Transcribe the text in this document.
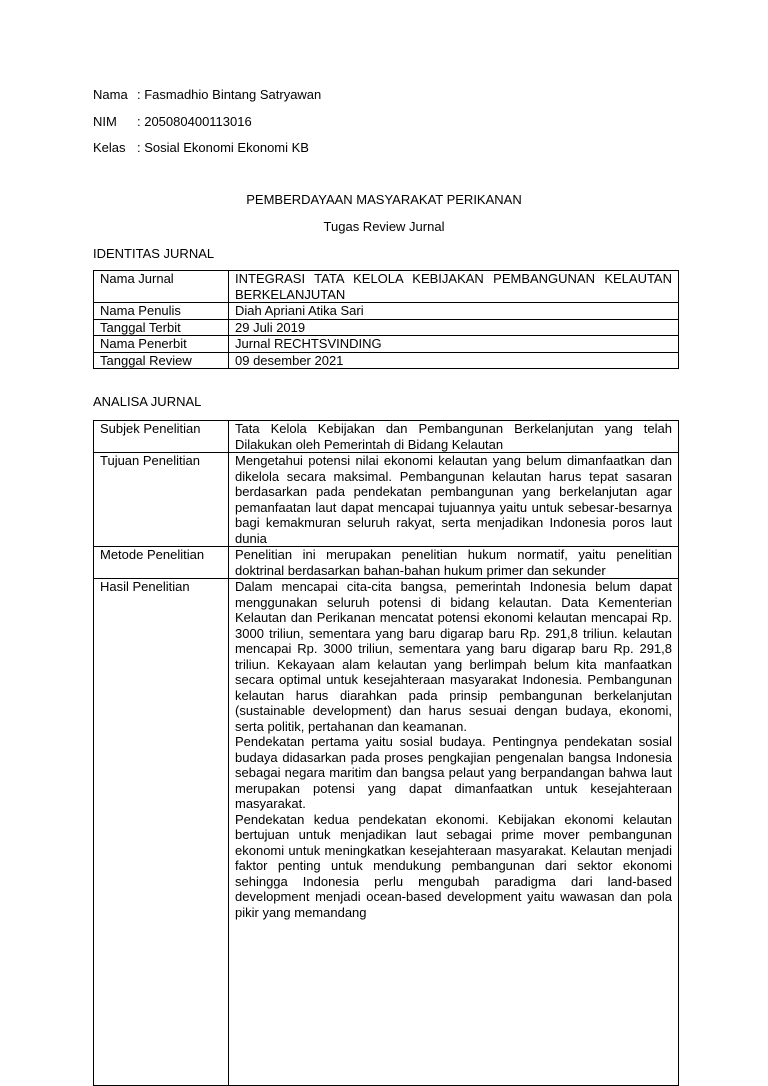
Nama : Fasmadhio Bintang Satryawan
NIM	: 205080400113016
Kelas : Sosial Ekonomi Ekonomi KB
PEMBERDAYAAN MASYARAKAT PERIKANAN
Tugas Review Jurnal
IDENTITAS JURNAL
Nama Jurnal	INTEGRASI TATA KELOLA KEBIJAKAN PEMBANGUNAN KELAUTAN BERKELANJUTAN
Nama Penulis	Diah Apriani Atika Sari
Tanggal Terbit	29 Juli 2019
Nama Penerbit	Jurnal RECHTSVINDING
Tanggal Review	09 desember 2021
ANALISA JURNAL
Subjek Penelitian	Tata Kelola Kebijakan dan Pembangunan Berkelanjutan yang telah Dilakukan oleh Pemerintah di Bidang Kelautan
Tujuan Penelitian	Mengetahui potensi nilai ekonomi kelautan yang belum dimanfaatkan dan dikelola secara maksimal. Pembangunan kelautan harus tepat sasaran berdasarkan pada pendekatan pembangunan yang berkelanjutan agar pemanfaatan laut dapat mencapai tujuannya yaitu untuk sebesar-besarnya bagi kemakmuran seluruh rakyat, serta menjadikan Indonesia poros laut dunia
Metode Penelitian	Penelitian ini merupakan penelitian hukum normatif, yaitu penelitian doktrinal berdasarkan bahan-bahan hukum primer dan sekunder
Hasil Penelitian	Dalam mencapai cita-cita bangsa, pemerintah Indonesia belum dapat menggunakan seluruh potensi di bidang kelautan. Data Kementerian Kelautan dan Perikanan mencatat potensi ekonomi kelautan mencapai Rp. 3000 triliun, sementara yang baru digarap baru Rp. 291,8 triliun. kelautan mencapai Rp. 3000 triliun, sementara yang baru digarap baru Rp. 291,8 triliun. Kekayaan alam kelautan yang berlimpah belum kita manfaatkan secara optimal untuk kesejahteraan masyarakat Indonesia. Pembangunan kelautan harus diarahkan pada prinsip pembangunan berkelanjutan (sustainable development) dan harus sesuai dengan budaya, ekonomi, serta politik, pertahanan dan keamanan.

Pendekatan pertama yaitu sosial budaya. Pentingnya pendekatan sosial budaya didasarkan pada proses pengkajian pengenalan bangsa Indonesia sebagai negara maritim dan bangsa pelaut yang berpandangan bahwa laut merupakan potensi yang dapat dimanfaatkan untuk kesejahteraan masyarakat.

Pendekatan kedua pendekatan ekonomi. Kebijakan ekonomi kelautan bertujuan untuk menjadikan laut sebagai prime mover pembangunan ekonomi untuk meningkatkan kesejahteraan masyarakat. Kelautan menjadi faktor penting untuk mendukung pembangunan dari sektor ekonomi sehingga Indonesia perlu mengubah paradigma dari land-based development menjadi ocean-based development yaitu wawasan dan pola pikir yang memandang
